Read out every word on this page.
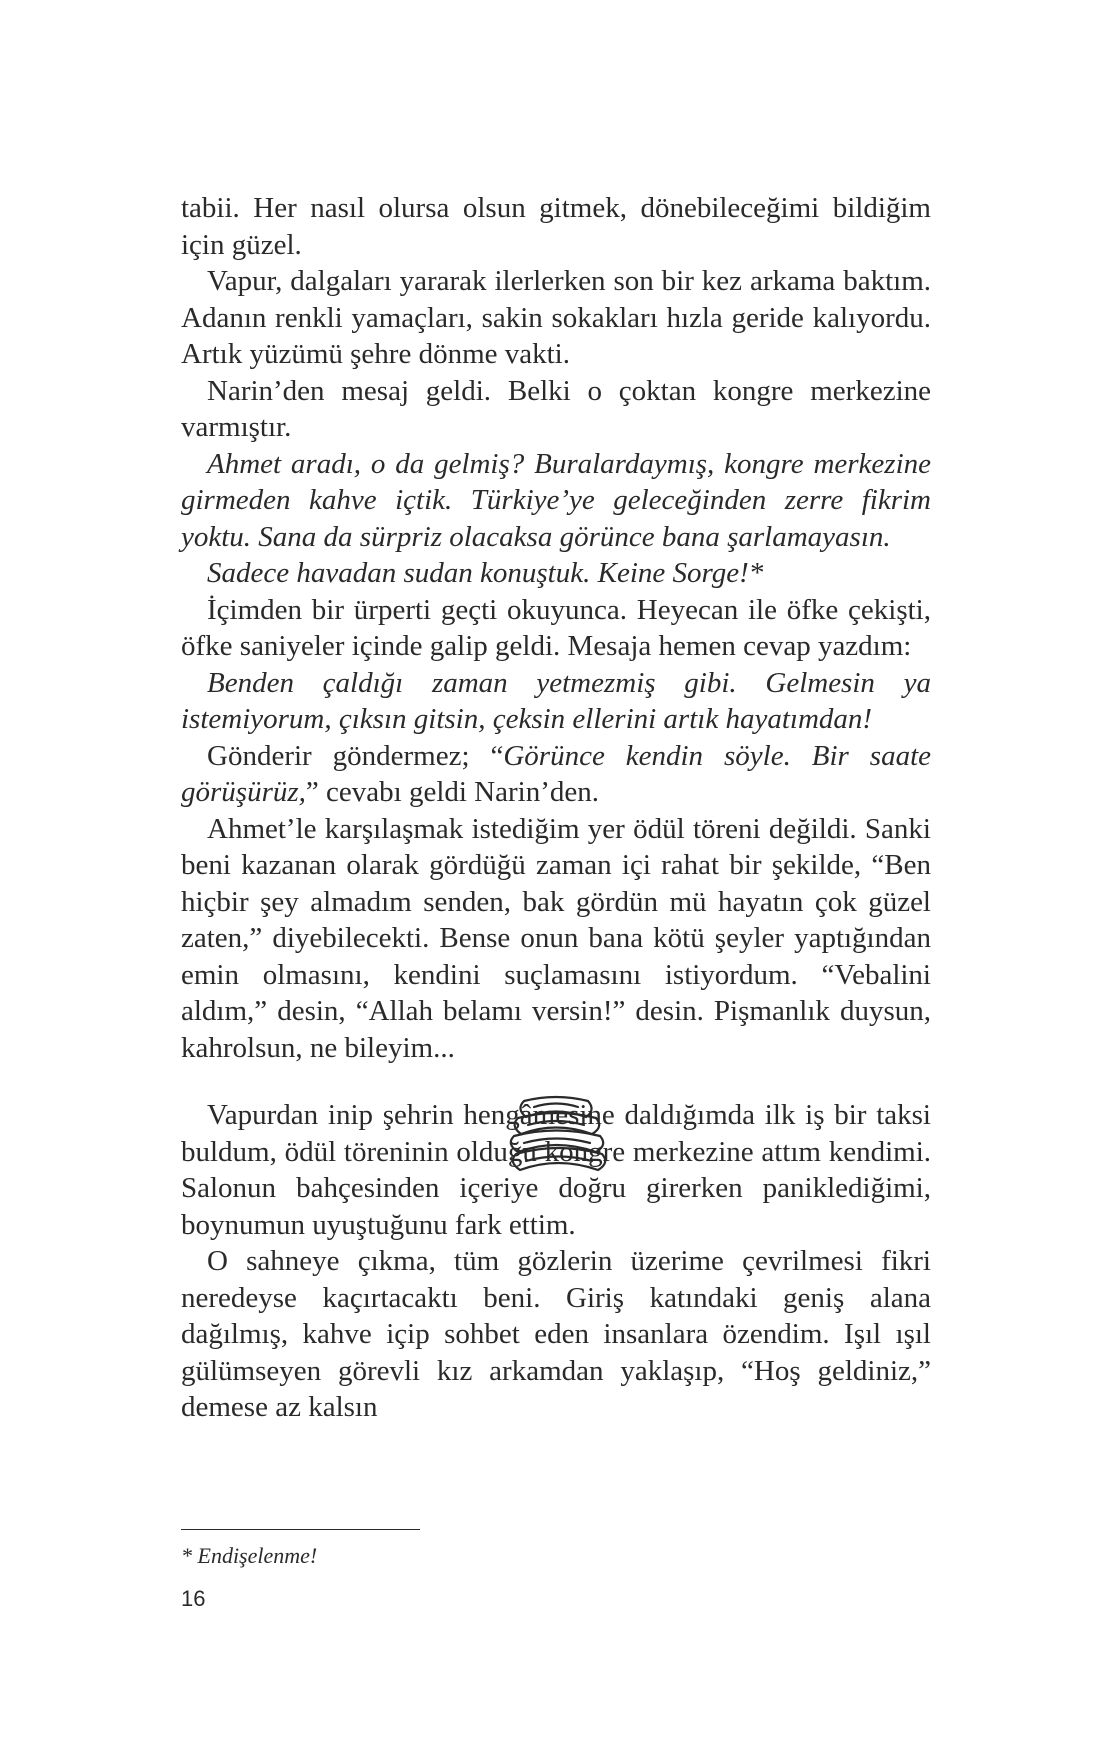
tabii. Her nasıl olursa olsun gitmek, dönebileceğimi bildiğim için güzel.

Vapur, dalgaları yararak ilerlerken son bir kez arkama baktım. Adanın renkli yamaçları, sakin sokakları hızla geride kalıyordu. Artık yüzümü şehre dönme vakti.

Narin’den mesaj geldi. Belki o çoktan kongre merkezine varmıştır.

Ahmet aradı, o da gelmiş? Buralardaymış, kongre merkezine girmeden kahve içtik. Türkiye’ye geleceğinden zerre fikrim yoktu. Sana da sürpriz olacaksa görünce bana şarlamayasın.

Sadece havadan sudan konuştuk. Keine Sorge!*

İçimden bir ürperti geçti okuyunca. Heyecan ile öfke çekişti, öfke saniyeler içinde galip geldi. Mesaja hemen cevap yazdım:

Benden çaldığı zaman yetmezmiş gibi. Gelmesin ya istemiyorum, çıksın gitsin, çeksin ellerini artık hayatımdan!

Gönderir göndermez; “Görünce kendin söyle. Bir saate görüşürüz,” cevabı geldi Narin’den.

Ahmet’le karşılaşmak istediğim yer ödül töreni değildi. Sanki beni kazanan olarak gördüğü zaman içi rahat bir şekilde, “Ben hiçbir şey almadım senden, bak gördün mü hayatın çok güzel zaten,” diyebilecekti. Bense onun bana kötü şeyler yaptığından emin olmasını, kendini suçlamasını istiyordum. “Vebalini aldım,” desin, “Allah belamı versin!” desin. Pişmanlık duysun, kahrolsun, ne bileyim...

Vapurdan inip şehrin hengâmesine daldığımda ilk iş bir taksi buldum, ödül töreninin olduğu kongre merkezine attım kendimi. Salonun bahçesinden içeriye doğru girerken paniklediğimi, boynumun uyuştuğunu fark ettim.

O sahneye çıkma, tüm gözlerin üzerime çevrilmesi fikri neredeyse kaçırtacaktı beni. Giriş katındaki geniş alana dağılmış, kahve içip sohbet eden insanlara özendim. Işıl ışıl gülümseyen görevli kız arkamdan yaklaşıp, “Hoş geldiniz,” demese az kalsın

* Endişelenme!
16
